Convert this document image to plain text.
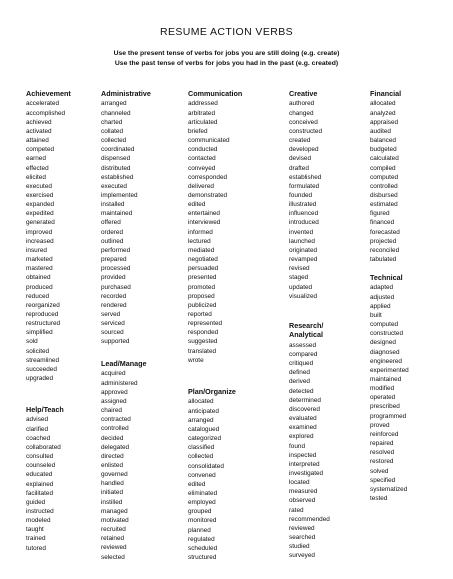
RESUME ACTION VERBS
Use the present tense of verbs for jobs you are still doing (e.g. create)
Use the past tense of verbs for jobs you had in the past (e.g. created)
Achievement
accelerated
accomplished
achieved
activated
attained
competed
earned
effected
elicited
executed
exercised
expanded
expedited
generated
improved
increased
insured
marketed
mastered
obtained
produced
reduced
reorganized
reproduced
restructured
simplified
sold
solicited
streamlined
succeeded
upgraded
Help/Teach
advised
clarified
coached
collaborated
consulted
counseled
educated
explained
facilitated
guided
instructed
modeled
taught
trained
tutored
Administrative
arranged
channeled
charted
collated
collected
coordinated
dispensed
distributed
established
executed
implemented
installed
maintained
offered
ordered
outlined
performed
prepared
processed
provided
purchased
recorded
rendered
served
serviced
sourced
supported
Lead/Manage
acquired
administered
approved
assigned
chaired
contracted
controlled
decided
delegated
directed
enlisted
governed
handled
initiated
instilled
managed
motivated
recruited
retained
reviewed
selected
Communication
addressed
arbitrated
articulated
briefed
communicated
conducted
contacted
conveyed
corresponded
delivered
demonstrated
edited
entertained
interviewed
informed
lectured
mediated
negotiated
persuaded
presented
promoted
proposed
publicized
reported
represented
responded
suggested
translated
wrote
Plan/Organize
allocated
anticipated
arranged
catalogued
categorized
classified
collected
consolidated
convened
edited
eliminated
employed
grouped
monitored
planned
regulated
scheduled
structured
Creative
authored
changed
conceived
constructed
created
developed
devised
drafted
established
formulated
founded
illustrated
influenced
introduced
invented
launched
originated
revamped
revised
staged
updated
visualized
Research/
Analytical
assessed
compared
critiqued
defined
derived
detected
determined
discovered
evaluated
examined
explored
found
inspected
interpreted
investigated
located
measured
observed
rated
recommended
reviewed
searched
studied
surveyed
Financial
allocated
analyzed
appraised
audited
balanced
budgeted
calculated
compiled
computed
controlled
disbursed
estimated
figured
financed
forecasted
projected
reconciled
tabulated
Technical
adapted
adjusted
applied
built
computed
constructed
designed
diagnosed
engineered
experimented
maintained
modified
operated
prescribed
programmed
proved
reinforced
repaired
resolved
restored
solved
specified
systematized
tested
